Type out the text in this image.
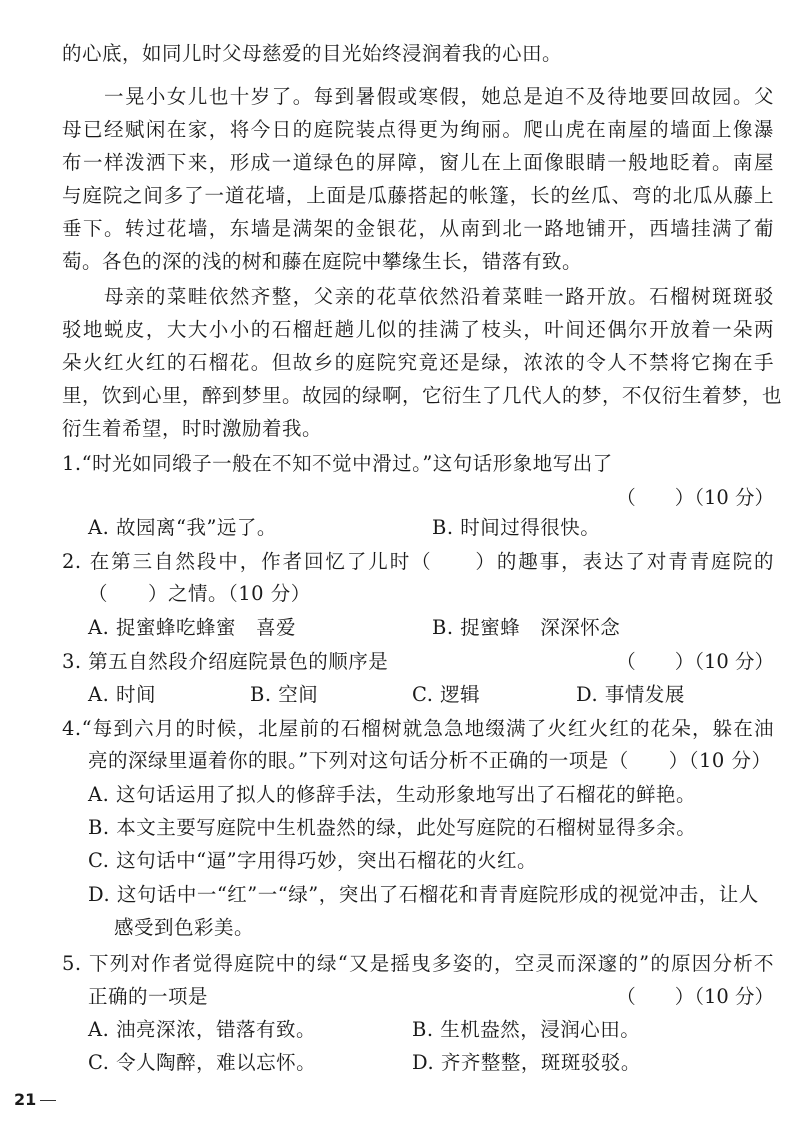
的心底，如同儿时父母慈爱的目光始终浸润着我的心田。
一晃小女儿也十岁了。每到暑假或寒假，她总是迫不及待地要回故园。父
母已经赋闲在家，将今日的庭院装点得更为绚丽。爬山虎在南屋的墙面上像瀑
布一样泼洒下来，形成一道绿色的屏障，窗儿在上面像眼睛一般地眨着。南屋
与庭院之间多了一道花墙，上面是瓜藤搭起的帐篷，长的丝瓜、弯的北瓜从藤上
垂下。转过花墙，东墙是满架的金银花，从南到北一路地铺开，西墙挂满了葡
萄。各色的深的浅的树和藤在庭院中攀缘生长，错落有致。
母亲的菜畦依然齐整，父亲的花草依然沿着菜畦一路开放。石榴树斑斑驳
驳地蜕皮，大大小小的石榴赶趟儿似的挂满了枝头，叶间还偶尔开放着一朵两
朵火红火红的石榴花。但故乡的庭院究竟还是绿，浓浓的令人不禁将它掬在手
里，饮到心里，醉到梦里。故园的绿啊，它衍生了几代人的梦，不仅衍生着梦，也
衍生着希望，时时激励着我。
1.“时光如同缎子一般在不知不觉中滑过。”这句话形象地写出了
（　　）（10 分）
A. 故园离“我”远了。	B. 时间过得很快。
2. 在第三自然段中，作者回忆了儿时（　　）的趣事，表达了对青青庭院的
（　　）之情。（10 分）
A. 捉蜜蜂吃蜂蜜　喜爱	B. 捉蜜蜂　深深怀念
3. 第五自然段介绍庭院景色的顺序是	（　　）（10 分）
A. 时间	B. 空间	C. 逻辑	D. 事情发展
4.“每到六月的时候，北屋前的石榴树就急急地缀满了火红火红的花朵，躲在油
亮的深绿里逼着你的眼。”下列对这句话分析不正确的一项是（　　）（10 分）
A. 这句话运用了拟人的修辞手法，生动形象地写出了石榴花的鲜艳。
B. 本文主要写庭院中生机盎然的绿，此处写庭院的石榴树显得多余。
C. 这句话中“逼”字用得巧妙，突出石榴花的火红。
D. 这句话中一“红”一“绿”，突出了石榴花和青青庭院形成的视觉冲击，让人
感受到色彩美。
5. 下列对作者觉得庭院中的绿“又是摇曳多姿的，空灵而深邃的”的原因分析不
正确的一项是	（　　）（10 分）
A. 油亮深浓，错落有致。	B. 生机盎然，浸润心田。
C. 令人陶醉，难以忘怀。	D. 齐齐整整，斑斑驳驳。
21
